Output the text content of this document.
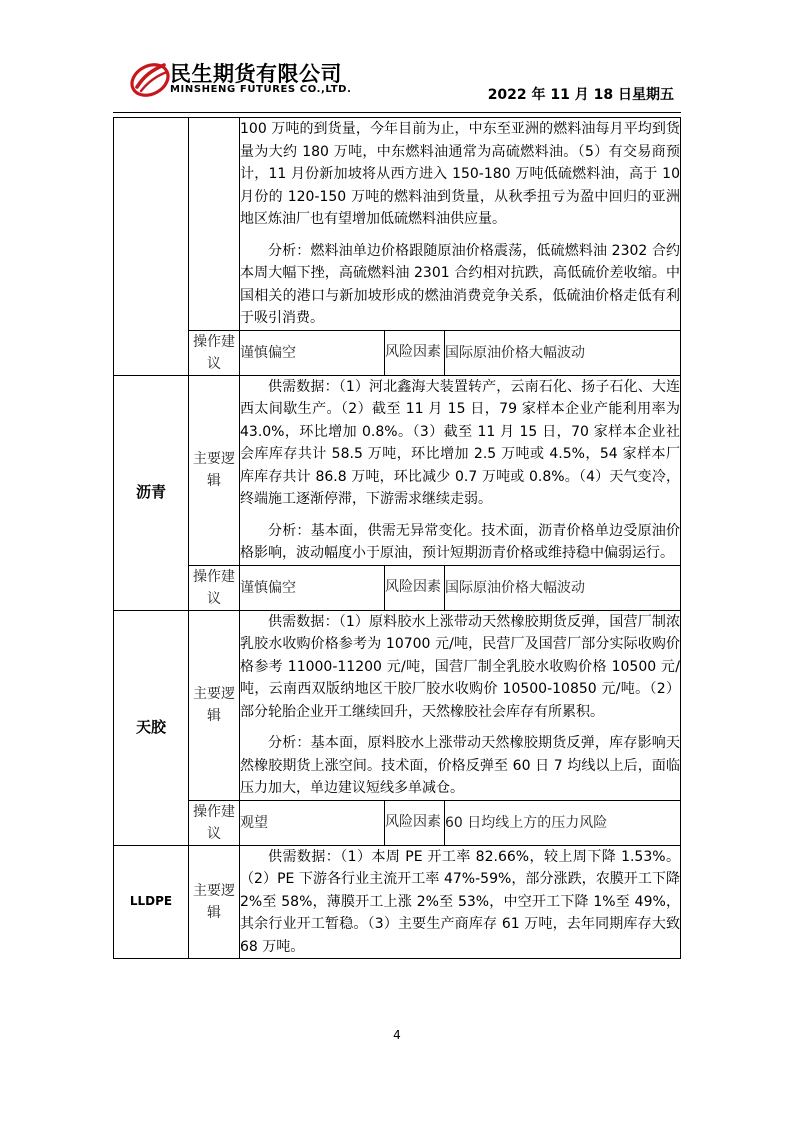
民生期货有限公司
MINSHENG FUTURES CO.,LTD.	2022 年 11 月 18 日星期五

		100 万吨的到货量，今年目前为止，中东至亚洲的燃料油每月平均到货量为大约 180 万吨，中东燃料油通常为高硫燃料油。（5）有交易商预计，11 月份新加坡将从西方进入 150-180 万吨低硫燃料油，高于 10 月份的 120-150 万吨的燃料油到货量，从秋季扭亏为盈中回归的亚洲地区炼油厂也有望增加低硫燃料油供应量。

分析：燃料油单边价格跟随原油价格震荡，低硫燃料油 2302 合约本周大幅下挫，高硫燃料油 2301 合约相对抗跌，高低硫价差收缩。中国相关的港口与新加坡形成的燃油消费竞争关系，低硫油价格走低有利于吸引消费。		

	操作建议	谨慎偏空	风险因素	国际原油价格大幅波动
沥青	主要逻辑	供需数据：（1）河北鑫海大装置转产，云南石化、扬子石化、大连西太间歇生产。（2）截至 11 月 15 日，79 家样本企业产能利用率为 43.0%，环比增加 0.8%。（3）截至 11 月 15 日，70 家样本企业社会库库存共计 58.5 万吨，环比增加 2.5 万吨或 4.5%，54 家样本厂库库存共计 86.8 万吨，环比减少 0.7 万吨或 0.8%。（4）天气变冷，终端施工逐渐停滞，下游需求继续走弱。

分析：基本面，供需无异常变化。技术面，沥青价格单边受原油价格影响，波动幅度小于原油，预计短期沥青价格或维持稳中偏弱运行。		

	操作建议	谨慎偏空	风险因素	国际原油价格大幅波动
天胶	主要逻辑	供需数据：（1）原料胶水上涨带动天然橡胶期货反弹，国营厂制浓乳胶水收购价格参考为 10700 元/吨，民营厂及国营厂部分实际收购价格参考 11000-11200 元/吨，国营厂制全乳胶水收购价格 10500 元/吨，云南西双版纳地区干胶厂胶水收购价 10500-10850 元/吨。（2）部分轮胎企业开工继续回升，天然橡胶社会库存有所累积。

分析：基本面，原料胶水上涨带动天然橡胶期货反弹，库存影响天然橡胶期货上涨空间。技术面，价格反弹至 60 日 7 均线以上后，面临压力加大，单边建议短线多单减仓。		

	操作建议	观望	风险因素	60 日均线上方的压力风险
LLDPE	主要逻辑	供需数据：（1）本周 PE 开工率 82.66%，较上周下降 1.53%。（2）PE 下游各行业主流开工率 47%-59%，部分涨跌，农膜开工下降 2%至 58%，薄膜开工上涨 2%至 53%，中空开工下降 1%至 49%，其余行业开工暂稳。（3）主要生产商库存 61 万吨，去年同期库存大致 68 万吨。		

4
